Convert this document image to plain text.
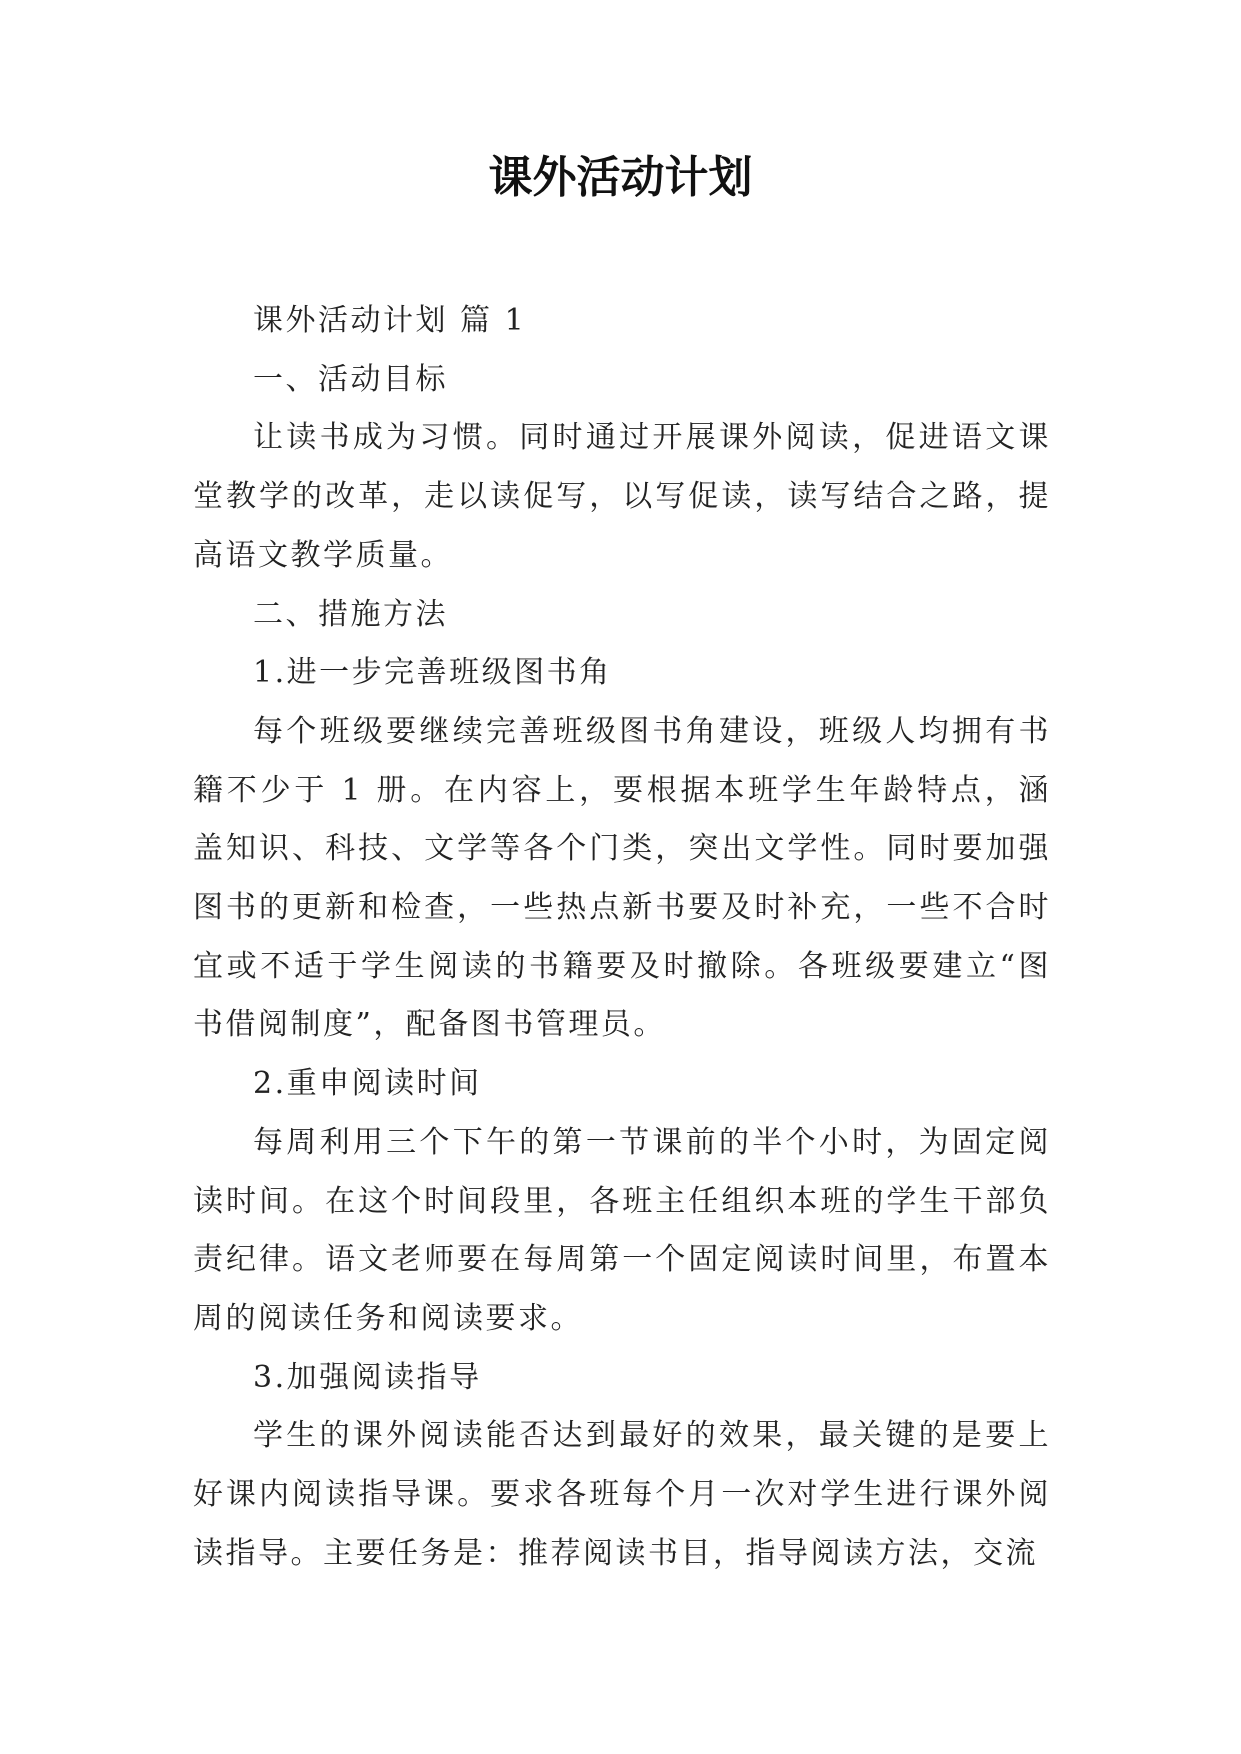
课外活动计划

课外活动计划 篇 1

一、活动目标

让读书成为习惯。同时通过开展课外阅读，促进语文课堂教学的改革，走以读促写，以写促读，读写结合之路，提高语文教学质量。

二、措施方法

1.进一步完善班级图书角

每个班级要继续完善班级图书角建设，班级人均拥有书籍不少于 1 册。在内容上，要根据本班学生年龄特点，涵盖知识、科技、文学等各个门类，突出文学性。同时要加强图书的更新和检查，一些热点新书要及时补充，一些不合时宜或不适于学生阅读的书籍要及时撤除。各班级要建立“图书借阅制度”，配备图书管理员。

2.重申阅读时间

每周利用三个下午的第一节课前的半个小时，为固定阅读时间。在这个时间段里，各班主任组织本班的学生干部负责纪律。语文老师要在每周第一个固定阅读时间里，布置本周的阅读任务和阅读要求。

3.加强阅读指导

学生的课外阅读能否达到最好的效果，最关键的是要上好课内阅读指导课。要求各班每个月一次对学生进行课外阅读指导。主要任务是：推荐阅读书目，指导阅读方法，交流
